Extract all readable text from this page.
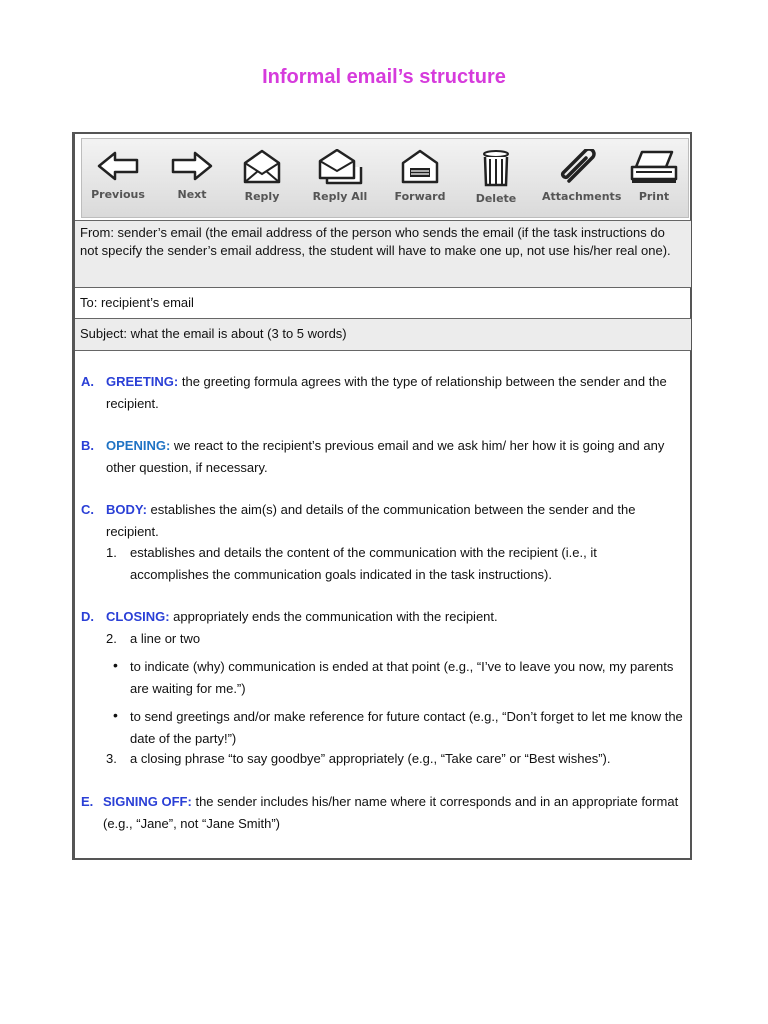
Informal email’s structure
Previous	Next	Reply	Reply All	Forward	Delete	Attachments	Print
From: sender’s email (the email address of the person who sends the email (if the task instructions do not specify the sender’s email address, the student will have to make one up, not use his/her real one).
To: recipient’s email
Subject: what the email is about (3 to 5 words)
A. GREETING: the greeting formula agrees with the type of relationship between the sender and the recipient.
B. OPENING: we react to the recipient’s previous email and we ask him/ her how it is going and any other question, if necessary.
C. BODY: establishes the aim(s) and details of the communication between the sender and the recipient.
1. establishes and details the content of the communication with the recipient (i.e., it accomplishes the communication goals indicated in the task instructions).
D. CLOSING: appropriately ends the communication with the recipient.
2. a line or two
• to indicate (why) communication is ended at that point (e.g., “I’ve to leave you now, my parents are waiting for me.”)
• to send greetings and/or make reference for future contact (e.g., “Don’t forget to let me know the date of the party!”)
3. a closing phrase “to say goodbye” appropriately (e.g., “Take care” or “Best wishes”).
E. SIGNING OFF: the sender includes his/her name where it corresponds and in an appropriate format (e.g., “Jane”, not “Jane Smith”)
